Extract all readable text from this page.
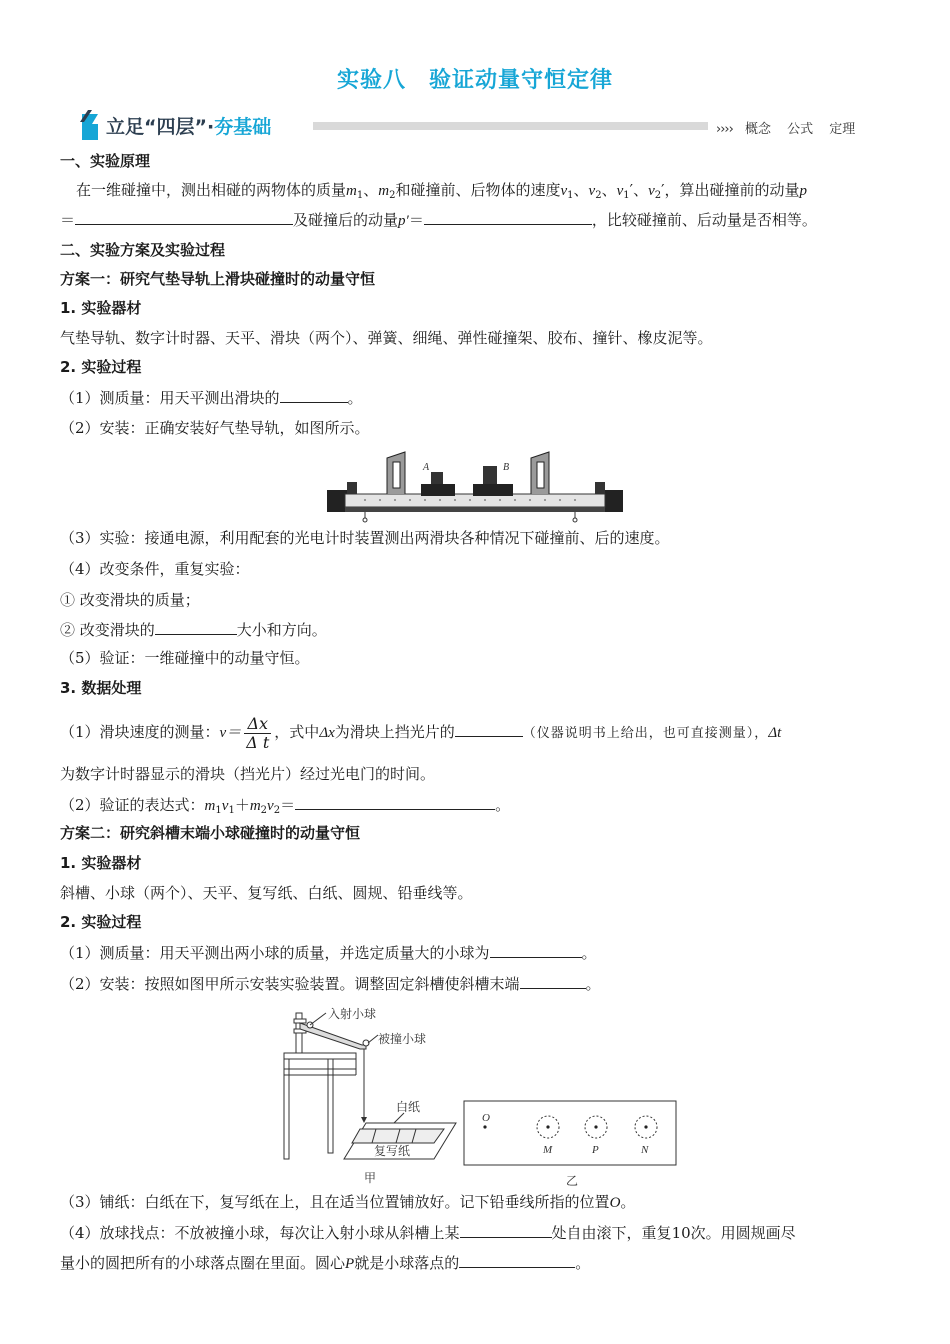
实验八　验证动量守恒定律
立足“四层”·夯基础	›››› 概念 公式 定理
一、实验原理
在一维碰撞中，测出相碰的两物体的质量$m_1$、$m_2$和碰撞前、后物体的速度$v_1$、$v_2$、$v_1'$、$v_2'$，算出碰撞前的动量p
＝	及碰撞后的动量p′＝	，比较碰撞前、后动量是否相等。
二、实验方案及实验过程
方案一：研究气垫导轨上滑块碰撞时的动量守恒
1. 实验器材
气垫导轨、数字计时器、天平、滑块（两个）、弹簧、细绳、弹性碰撞架、胶布、撞针、橡皮泥等。
2. 实验过程
（1）测质量：用天平测出滑块的	。
（2）安装：正确安装好气垫导轨，如图所示。
A	B
（3）实验：接通电源，利用配套的光电计时装置测出两滑块各种情况下碰撞前、后的速度。
（4）改变条件，重复实验：
① 改变滑块的质量；
② 改变滑块的	大小和方向。
（5）验证：一维碰撞中的动量守恒。
3. 数据处理
（1）滑块速度的测量：$v= \frac{\Delta x}{\text{Δ t}}$ ，式中Δx为滑块上挡光片的	（仪器说明书上给出，也可直接测量），Δt
为数字计时器显示的滑块（挡光片）经过光电门的时间。
（2）验证的表达式：$m_1v_1+m_2v_2=$	。
方案二：研究斜槽末端小球碰撞时的动量守恒
1. 实验器材
斜槽、小球（两个）、天平、复写纸、白纸、圆规、铅垂线等。
2. 实验过程
（1）测质量：用天平测出两小球的质量，并选定质量大的小球为	。
（2）安装：按照如图甲所示安装实验装置。调整固定斜槽使斜槽末端	。
入射小球
被撞小球
白纸
复写纸
甲
O
M	P	N
乙
（3）铺纸：白纸在下，复写纸在上，且在适当位置铺放好。记下铅垂线所指的位置O。
（4）放球找点：不放被撞小球，每次让入射小球从斜槽上某	处自由滚下，重复10次。用圆规画尽
量小的圆把所有的小球落点圈在里面。圆心P就是小球落点的	。
